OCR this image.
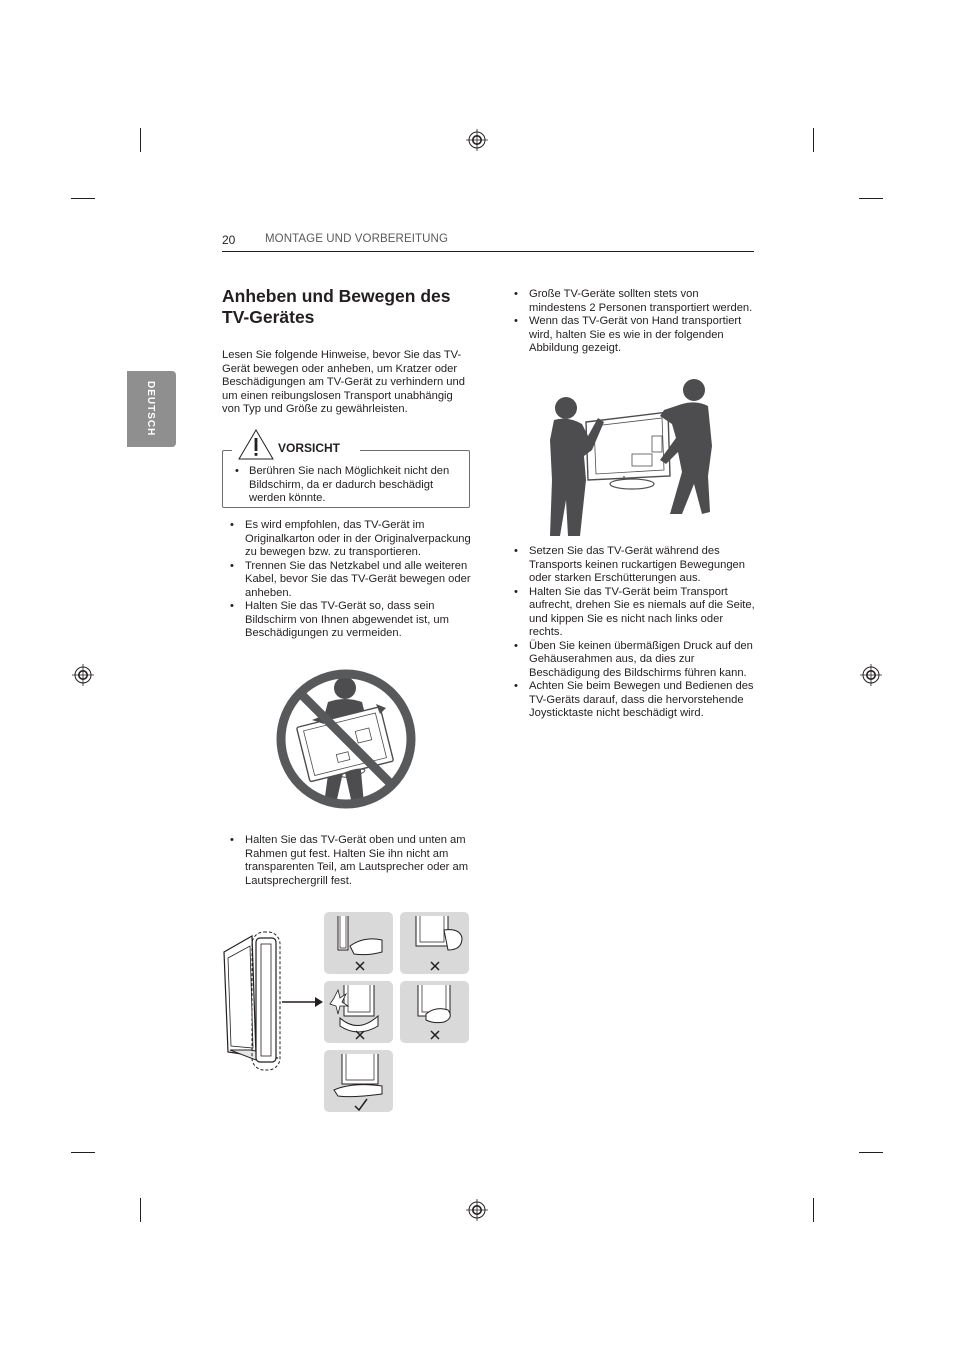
20	MONTAGE UND VORBEREITUNG
DEUTSCH
Anheben und Bewegen des TV-Gerätes
Lesen Sie folgende Hinweise, bevor Sie das TV-Gerät bewegen oder anheben, um Kratzer oder Beschädigungen am TV-Gerät zu verhindern und um einen reibungslosen Transport unabhängig von Typ und Größe zu gewährleisten.
VORSICHT
• Berühren Sie nach Möglichkeit nicht den Bildschirm, da er dadurch beschädigt werden könnte.
• Es wird empfohlen, das TV-Gerät im Originalkarton oder in der Originalverpackung zu bewegen bzw. zu transportieren.
• Trennen Sie das Netzkabel und alle weiteren Kabel, bevor Sie das TV-Gerät bewegen oder anheben.
• Halten Sie das TV-Gerät so, dass sein Bildschirm von Ihnen abgewendet ist, um Beschädigungen zu vermeiden.
• Halten Sie das TV-Gerät oben und unten am Rahmen gut fest. Halten Sie ihn nicht am transparenten Teil, am Lautsprecher oder am Lautsprechergrill fest.
• Große TV-Geräte sollten stets von mindestens 2 Personen transportiert werden.
• Wenn das TV-Gerät von Hand transportiert wird, halten Sie es wie in der folgenden Abbildung gezeigt.
• Setzen Sie das TV-Gerät während des Transports keinen ruckartigen Bewegungen oder starken Erschütterungen aus.
• Halten Sie das TV-Gerät beim Transport aufrecht, drehen Sie es niemals auf die Seite, und kippen Sie es nicht nach links oder rechts.
• Üben Sie keinen übermäßigen Druck auf den Gehäuserahmen aus, da dies zur Beschädigung des Bildschirms führen kann.
• Achten Sie beim Bewegen und Bedienen des TV-Geräts darauf, dass die hervorstehende Joysticktaste nicht beschädigt wird.
